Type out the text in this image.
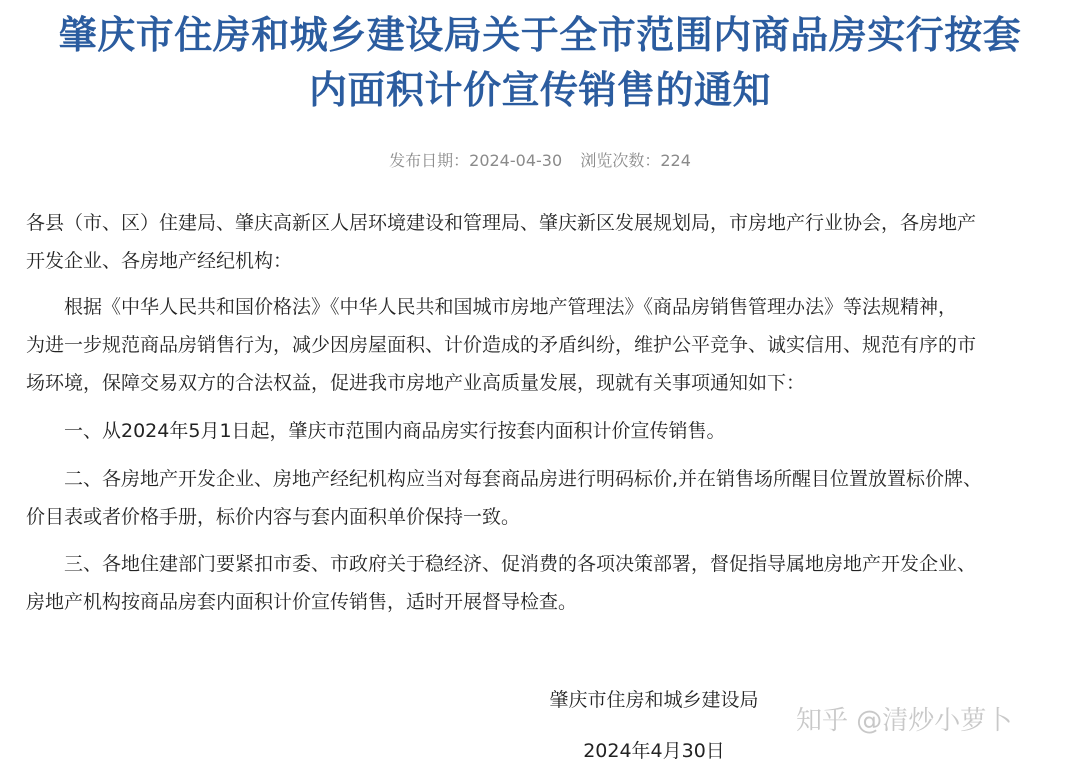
肇庆市住房和城乡建设局关于全市范围内商品房实行按套
内面积计价宣传销售的通知
发布日期：2024-04-30 浏览次数：224

各县（市、区）住建局、肇庆高新区人居环境建设和管理局、肇庆新区发展规划局，市房地产行业协会，各房地产

开发企业、各房地产经纪机构：

根据《中华人民共和国价格法》《中华人民共和国城市房地产管理法》《商品房销售管理办法》等法规精神，

为进一步规范商品房销售行为，减少因房屋面积、计价造成的矛盾纠纷，维护公平竞争、诚实信用、规范有序的市

场环境，保障交易双方的合法权益，促进我市房地产业高质量发展，现就有关事项通知如下：

一、从2024年5月1日起，肇庆市范围内商品房实行按套内面积计价宣传销售。

二、各房地产开发企业、房地产经纪机构应当对每套商品房进行明码标价,并在销售场所醒目位置放置标价牌、

价目表或者价格手册，标价内容与套内面积单价保持一致。

三、各地住建部门要紧扣市委、市政府关于稳经济、促消费的各项决策部署，督促指导属地房地产开发企业、

房地产机构按商品房套内面积计价宣传销售，适时开展督导检查。

肇庆市住房和城乡建设局
2024年4月30日
知乎 @清炒小萝卜
